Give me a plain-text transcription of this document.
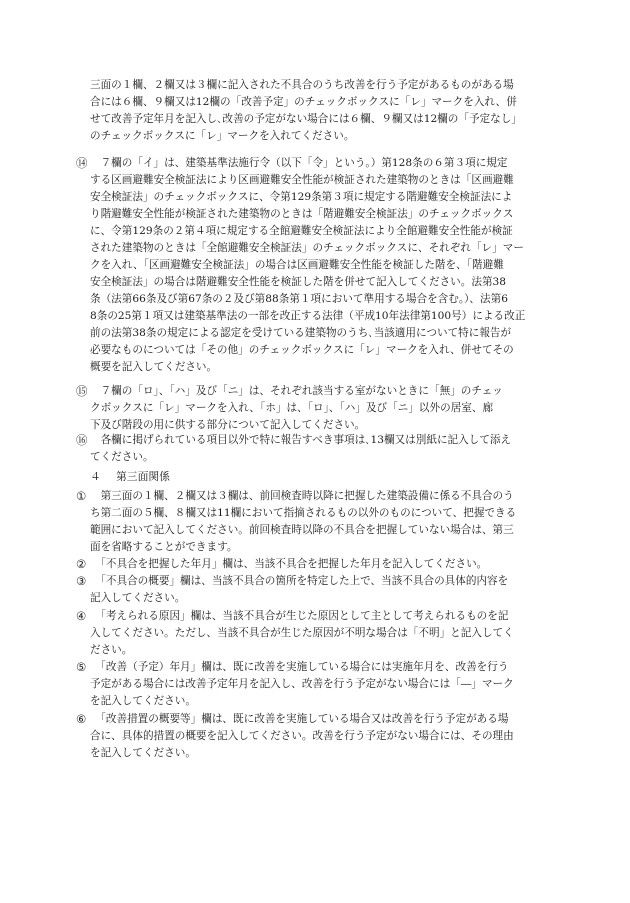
三面の１欄、２欄又は３欄に記入された不具合のうち改善を行う予定があるものがある場
合には６欄、９欄又は12欄の「改善予定」のチェックボックスに「レ」マークを入れ、併
せて改善予定年月を記入し､改善の予定がない場合には６欄、９欄又は12欄の「予定なし」
のチェックボックスに「レ」マークを入れてください。
⑭ 　７欄の「イ」は、建築基準法施行令（以下「令」という。）第128条の６第３項に規定
する区画避難安全検証法により区画避難安全性能が検証された建築物のときは「区画避難
安全検証法」のチェックボックスに、令第129条第３項に規定する階避難安全検証法によ
り階避難安全性能が検証された建築物のときは「階避難安全検証法」のチェックボックス
に、令第129条の２第４項に規定する全館避難安全検証法により全館避難安全性能が検証
された建築物のときは「全館避難安全検証法」のチェックボックスに、それぞれ「レ」マー
クを入れ、「区画避難安全検証法」の場合は区画避難安全性能を検証した階を、「階避難
安全検証法」の場合は階避難安全性能を検証した階を併せて記入してください。法第38
条（法第66条及び第67条の２及び第88条第１項において準用する場合を含む。）、法第6
8条の25第１項又は建築基準法の一部を改正する法律（平成10年法律第100号）による改正
前の法第38条の規定による認定を受けている建築物のうち､当該適用について特に報告が
必要なものについては「その他」のチェックボックスに「レ」マークを入れ、併せてその
概要を記入してください。
⑮ 　７欄の「ロ」、「ハ」及び「ニ」は、それぞれ該当する室がないときに「無」のチェッ
クボックスに「レ」マークを入れ、「ホ」は、「ロ」、「ハ」及び「ニ」以外の居室、廊
下及び階段の用に供する部分について記入してください。
⑯ 　各欄に掲げられている項目以外で特に報告すべき事項は､13欄又は別紙に記入して添え
てください。
４ 第三面関係
① 　第三面の１欄、２欄又は３欄は、前回検査時以降に把握した建築設備に係る不具合のう
ち第二面の５欄、８欄又は11欄において指摘されるもの以外のものについて、把握できる
範囲において記入してください。前回検査時以降の不具合を把握していない場合は、第三
面を省略することができます。
② 　「不具合を把握した年月」欄は、当該不具合を把握した年月を記入してください。
③ 　「不具合の概要」欄は、当該不具合の箇所を特定した上で、当該不具合の具体的内容を
記入してください。
④ 　「考えられる原因」欄は、当該不具合が生じた原因として主として考えられるものを記
入してください。ただし、当該不具合が生じた原因が不明な場合は「不明」と記入してく
ださい。
⑤ 　「改善（予定）年月」欄は、既に改善を実施している場合には実施年月を、改善を行う
予定がある場合には改善予定年月を記入し、改善を行う予定がない場合には「―」マーク
を記入してください。
⑥ 　「改善措置の概要等」欄は、既に改善を実施している場合又は改善を行う予定がある場
合に、具体的措置の概要を記入してください。改善を行う予定がない場合には、その理由
を記入してください。
